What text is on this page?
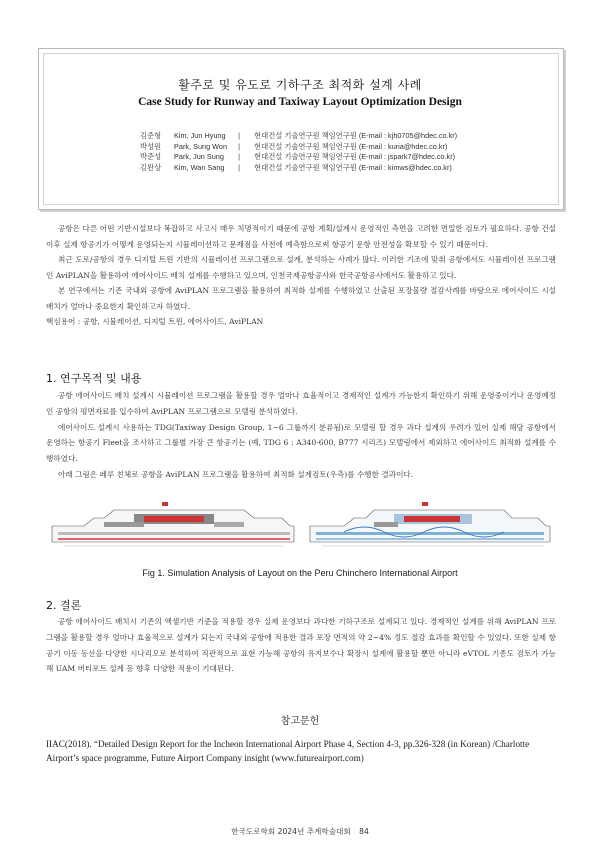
활주로 및 유도로 기하구조 최적화 설계 사례
Case Study for Runway and Taxiway Layout Optimization Design
김준형 Kim, Jun Hyung | 현대건설 기술연구원 책임연구원 (E-mail : kjh0705@hdec.co.kr)
박성원 Park, Sung Won | 현대건설 기술연구원 책임연구원 (E-mail : kuria@hdec.co.kr)
박준성 Park, Jun Sung | 현대건설 기술연구원 책임연구원 (E-mail : jspark7@hdec.co.kr)
김완상 Kim, Wan Sang | 현대건설 기술연구원 책임연구원 (E-mail : kimws@hdec.co.kr)

공항은 다른 어떤 기반시설보다 복잡하고 사고시 매우 치명적이기 때문에 공항 계획/설계시 운영적인 측면을 고려한 면밀한 검토가 필요하다. 공항 건설이후 실제 항공기가 어떻게 운영되는지 시뮬레이션하고 문제점을 사전에 예측함으로써 항공기 운항 안전성을 확보할 수 있기 때문이다.

최근 도로/공항의 경우 디지털 트윈 기반의 시뮬레이션 프로그램으로 설계, 분석하는 사례가 많다. 이러한 기조에 맞춰 공항에서도 시뮬레이션 프로그램인 AviPLAN을 활용하여 에어사이드 배치 설계를 수행하고 있으며, 인천국제공항공사와 한국공항공사에서도 활용하고 있다.

본 연구에서는 기존 국내외 공항에 AviPLAN 프로그램을 활용하여 최적화 설계를 수행하였고 산출된 포장물량 절감사례를 바탕으로 에어사이드 시설 배치가 얼마나 중요한지 확인하고자 하였다.

핵심용어 : 공항, 시뮬레이션, 디지털 트윈, 에어사이드, AviPLAN

1. 연구목적 및 내용

공항 에어사이드 배치 설계시 시뮬레이션 프로그램을 활용할 경우 얼마나 효율적이고 경제적인 설계가 가능한지 확인하기 위해 운영중이거나 운영예정인 공항의 평면자료를 입수하여 AviPLAN 프로그램으로 모델링 분석하였다.

에어사이드 설계시 사용하는 TDG(Taxiway Design Group, 1~6 그룹까지 분류됨)로 모델링 할 경우 과다 설계의 우려가 있어 실제 해당 공항에서 운영하는 항공기 Fleet을 조사하고 그룹별 가장 큰 항공기는 (예, TDG 6 : A340-600, B777 시리즈) 모델링에서 제외하고 에어사이드 최적화 설계를 수행하였다.

아래 그림은 페루 친체로 공항을 AviPLAN 프로그램을 활용하여 최적화 설계검토(우측)를 수행한 결과이다.

Fig 1. Simulation Analysis of Layout on the Peru Chinchero International Airport
2. 결론

공항 에어사이드 배치시 기존의 엑셀기반 기준을 적용할 경우 실제 운영보다 과다한 기하구조로 설계되고 있다. 경제적인 설계를 위해 AviPLAN 프로그램을 활용할 경우 얼마나 효율적으로 설계가 되는지 국내외 공항에 적용한 결과 포장 면적의 약 2~4% 정도 절감 효과를 확인할 수 있었다. 또한 실제 항공기 이동 동선을 다양한 시나리오로 분석하여 직관적으로 표현 가능해 공항의 유지보수나 확장시 설계에 활용할 뿐만 아니라 eVTOL 기종도 검토가 가능해 UAM 버티포트 설계 등 향후 다양한 적용이 기대된다.

참고문헌

IIAC(2018). “Detailed Design Report for the Incheon International Airport Phase 4, Section 4-3, pp.326-328 (in Korean) /Charlotte Airport’s space programme, Future Airport Company insight (www.futureairport.com)

한국도로학회 2024년 추계학술대회 84
